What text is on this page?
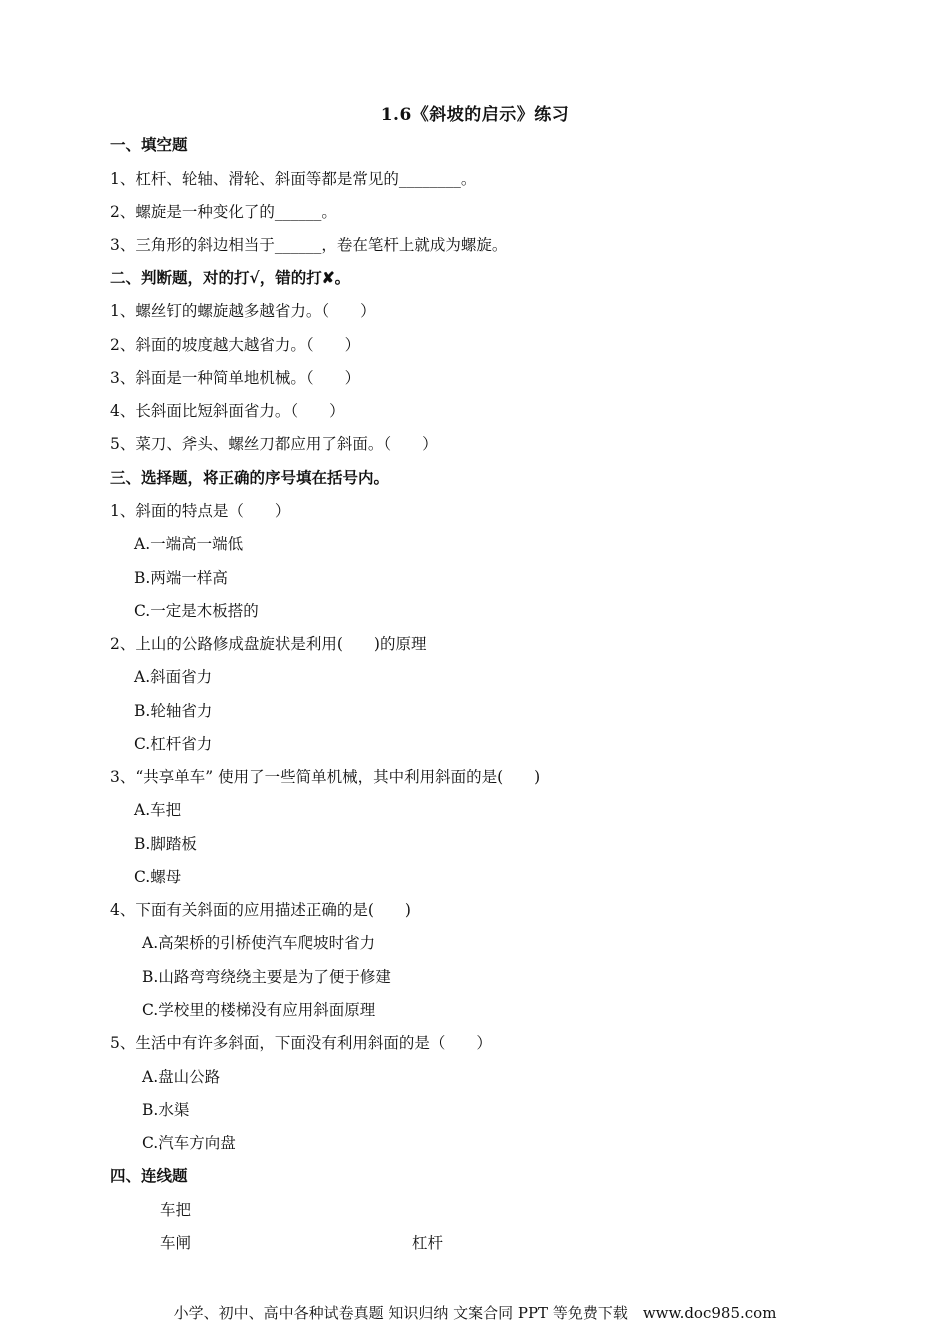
1.6《斜坡的启示》练习
一、填空题
1、杠杆、轮轴、滑轮、斜面等都是常见的________。
2、螺旋是一种变化了的______。
3、三角形的斜边相当于______，卷在笔杆上就成为螺旋。
二、判断题，对的打√，错的打✘。
1、螺丝钉的螺旋越多越省力。（　　）
2、斜面的坡度越大越省力。（　　）
3、斜面是一种简单地机械。（　　）
4、长斜面比短斜面省力。（　　）
5、菜刀、斧头、螺丝刀都应用了斜面。（　　）
三、选择题，将正确的序号填在括号内。
1、斜面的特点是（　　）
A.一端高一端低
B.两端一样高
C.一定是木板搭的
2、上山的公路修成盘旋状是利用(　　)的原理
A.斜面省力
B.轮轴省力
C.杠杆省力
3、“共享单车” 使用了一些简单机械，其中利用斜面的是(　　)
A.车把
B.脚踏板
C.螺母
4、下面有关斜面的应用描述正确的是(　　)
A.高架桥的引桥使汽车爬坡时省力
B.山路弯弯绕绕主要是为了便于修建
C.学校里的楼梯没有应用斜面原理
5、生活中有许多斜面，下面没有利用斜面的是（　　）
A.盘山公路
B.水渠
C.汽车方向盘
四、连线题
车把
车闸	杠杆
小学、初中、高中各种试卷真题 知识归纳 文案合同 PPT 等免费下载　www.doc985.com
